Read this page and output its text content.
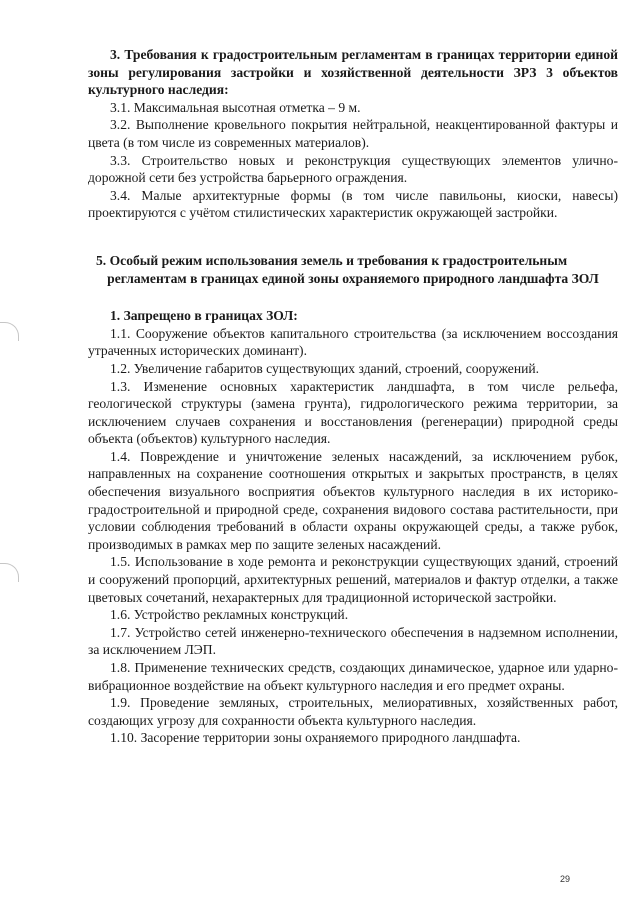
3. Требования к градостроительным регламентам в границах территории единой зоны регулирования застройки и хозяйственной деятельности ЗРЗ 3 объектов культурного наследия:

3.1. Максимальная высотная отметка – 9 м.

3.2. Выполнение кровельного покрытия нейтральной, неакцентированной фактуры и цвета (в том числе из современных материалов).

3.3. Строительство новых и реконструкция существующих элементов улично-дорожной сети без устройства барьерного ограждения.

3.4. Малые архитектурные формы (в том числе павильоны, киоски, навесы) проектируются с учётом стилистических характеристик окружающей застройки.

5. Особый режим использования земель и требования к градостроительным
регламентам в границах единой зоны охраняемого природного ландшафта ЗОЛ

1. Запрещено в границах ЗОЛ:

1.1. Сооружение объектов капитального строительства (за исключением воссоздания утраченных исторических доминант).

1.2. Увеличение габаритов существующих зданий, строений, сооружений.

1.3. Изменение основных характеристик ландшафта, в том числе рельефа, геологической структуры (замена грунта), гидрологического режима территории, за исключением случаев сохранения и восстановления (регенерации) природной среды объекта (объектов) культурного наследия.

1.4. Повреждение и уничтожение зеленых насаждений, за исключением рубок, направленных на сохранение соотношения открытых и закрытых пространств, в целях обеспечения визуального восприятия объектов культурного наследия в их историко-градостроительной и природной среде, сохранения видового состава растительности, при условии соблюдения требований в области охраны окружающей среды, а также рубок, производимых в рамках мер по защите зеленых насаждений.

1.5. Использование в ходе ремонта и реконструкции существующих зданий, строений и сооружений пропорций, архитектурных решений, материалов и фактур отделки, а также цветовых сочетаний, нехарактерных для традиционной исторической застройки.

1.6. Устройство рекламных конструкций.

1.7. Устройство сетей инженерно-технического обеспечения в надземном исполнении, за исключением ЛЭП.

1.8. Применение технических средств, создающих динамическое, ударное или ударно-вибрационное воздействие на объект культурного наследия и его предмет охраны.

1.9. Проведение земляных, строительных, мелиоративных, хозяйственных работ, создающих угрозу для сохранности объекта культурного наследия.

1.10. Засорение территории зоны охраняемого природного ландшафта.

29
